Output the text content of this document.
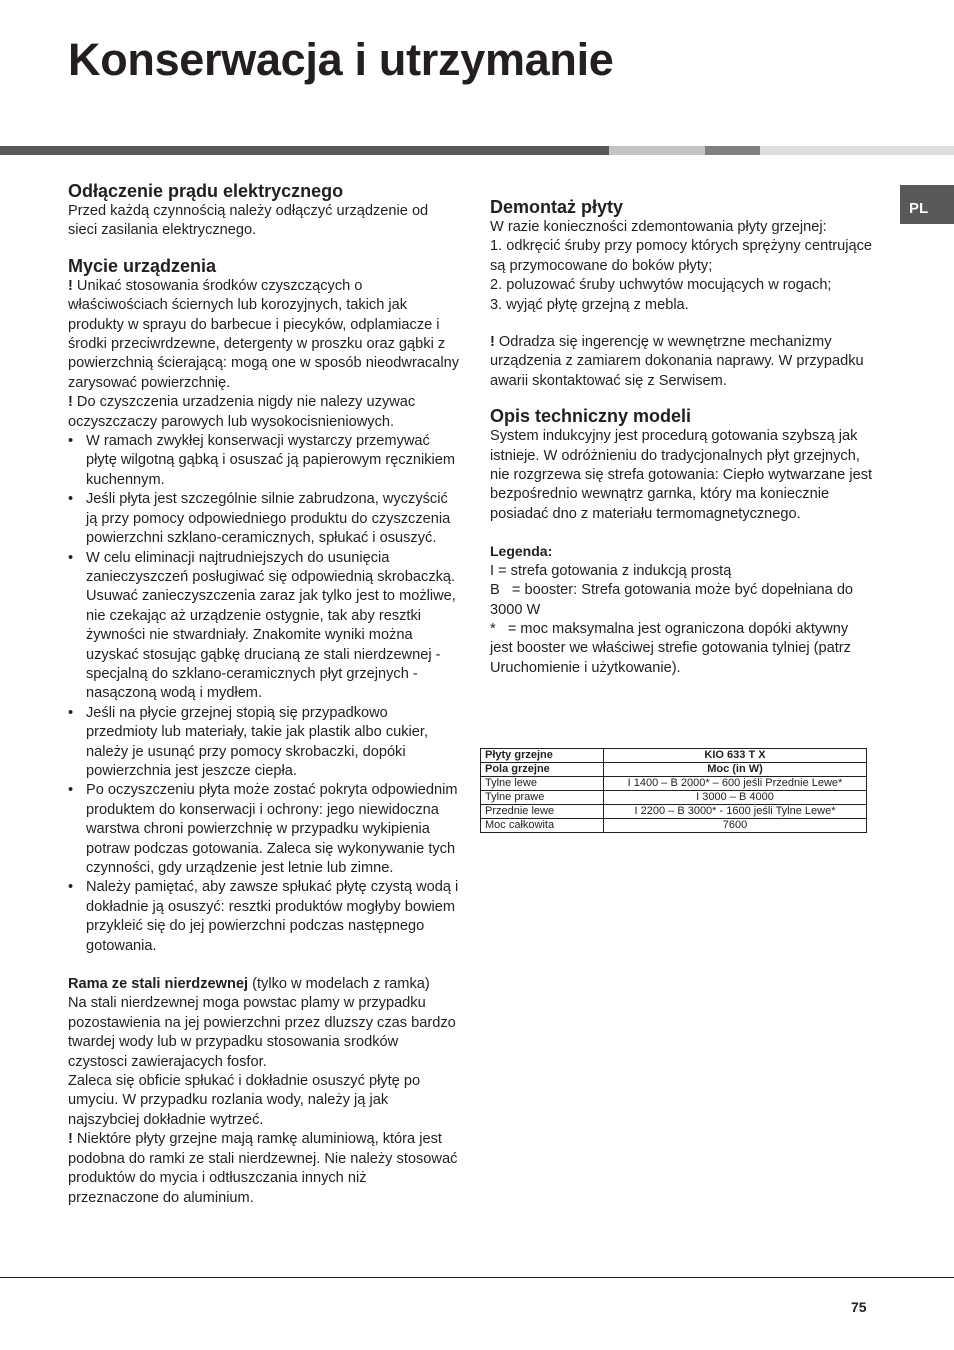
Konserwacja i utrzymanie
PL
Odłączenie prądu elektrycznego

Przed każdą czynnością należy odłączyć urządzenie od sieci zasilania elektrycznego.

Mycie urządzenia

! Unikać stosowania środków czyszczących o właściwościach ściernych lub korozyjnych, takich jak produkty w sprayu do barbecue i piecyków, odplamiacze i środki przeciwrdzewne, detergenty w proszku oraz gąbki z powierzchnią ścierającą: mogą one w sposób nieodwracalny zarysować powierzchnię.

! Do czyszczenia urzadzenia nigdy nie nalezy uzywac oczyszczaczy parowych lub wysokocisnieniowych.

• W ramach zwykłej konserwacji wystarczy przemywać płytę wilgotną gąbką i osuszać ją papierowym ręcznikiem kuchennym.
• Jeśli płyta jest szczególnie silnie zabrudzona, wyczyścić ją przy pomocy odpowiedniego produktu do czyszczenia powierzchni szklano-ceramicznych, spłukać i osuszyć.
• W celu eliminacji najtrudniejszych do usunięcia zanieczyszczeń posługiwać się odpowiednią skrobaczką. Usuwać zanieczyszczenia zaraz jak tylko jest to możliwe, nie czekając aż urządzenie ostygnie, tak aby resztki żywności nie stwardniały. Znakomite wyniki można uzyskać stosując gąbkę drucianą ze stali nierdzewnej - specjalną do szklano-ceramicznych płyt grzejnych - nasączoną wodą i mydłem.
• Jeśli na płycie grzejnej stopią się przypadkowo przedmioty lub materiały, takie jak plastik albo cukier, należy je usunąć przy pomocy skrobaczki, dopóki powierzchnia jest jeszcze ciepła.
• Po oczyszczeniu płyta może zostać pokryta odpowiednim produktem do konserwacji i ochrony: jego niewidoczna warstwa chroni powierzchnię w przypadku wykipienia potraw podczas gotowania. Zaleca się wykonywanie tych czynności, gdy urządzenie jest letnie lub zimne.
• Należy pamiętać, aby zawsze spłukać płytę czystą wodą i dokładnie ją osuszyć: resztki produktów mogłyby bowiem przykleić się do jej powierzchni podczas następnego gotowania.

Rama ze stali nierdzewnej (tylko w modelach z ramka)

Na stali nierdzewnej moga powstac plamy w przypadku pozostawienia na jej powierzchni przez dluzszy czas bardzo twardej wody lub w przypadku stosowania srodków czystosci zawierajacych fosfor.

Zaleca się obficie spłukać i dokładnie osuszyć płytę po umyciu. W przypadku rozlania wody, należy ją jak najszybciej dokładnie wytrzeć.

! Niektóre płyty grzejne mają ramkę aluminiową, która jest podobna do ramki ze stali nierdzewnej. Nie należy stosować produktów do mycia i odtłuszczania innych niż przeznaczone do aluminium.

Demontaż płyty

W razie konieczności zdemontowania płyty grzejnej:

1. odkręcić śruby przy pomocy których sprężyny centrujące są przymocowane do boków płyty;

2. poluzować śruby uchwytów mocujących w rogach;

3. wyjąć płytę grzejną z mebla.

! Odradza się ingerencję w wewnętrzne mechanizmy urządzenia z zamiarem dokonania naprawy. W przypadku awarii skontaktować się z Serwisem.

Opis techniczny modeli

System indukcyjny jest procedurą gotowania szybszą jak istnieje. W odróżnieniu do tradycjonalnych płyt grzejnych, nie rozgrzewa się strefa gotowania: Ciepło wytwarzane jest bezpośrednio wewnątrz garnka, który ma koniecznie posiadać dno z materiału termomagnetycznego.

Legenda:

I = strefa gotowania z indukcją prostą

B   = booster: Strefa gotowania może być dopełniana do 3000 W

*   = moc maksymalna jest ograniczona dopóki aktywny jest booster we właściwej strefie gotowania tylniej (patrz Uruchomienie i użytkowanie).

Płyty grzejne	KIO 633 T X
Pola grzejne	Moc (in W)
Tylne lewe	I 1400 – B 2000* – 600 jeśli Przednie Lewe*
Tylne prawe	I 3000 – B 4000
Przednie lewe	I 2200 – B 3000* - 1600 jeśli Tylne Lewe*
Moc całkowita	7600
75
